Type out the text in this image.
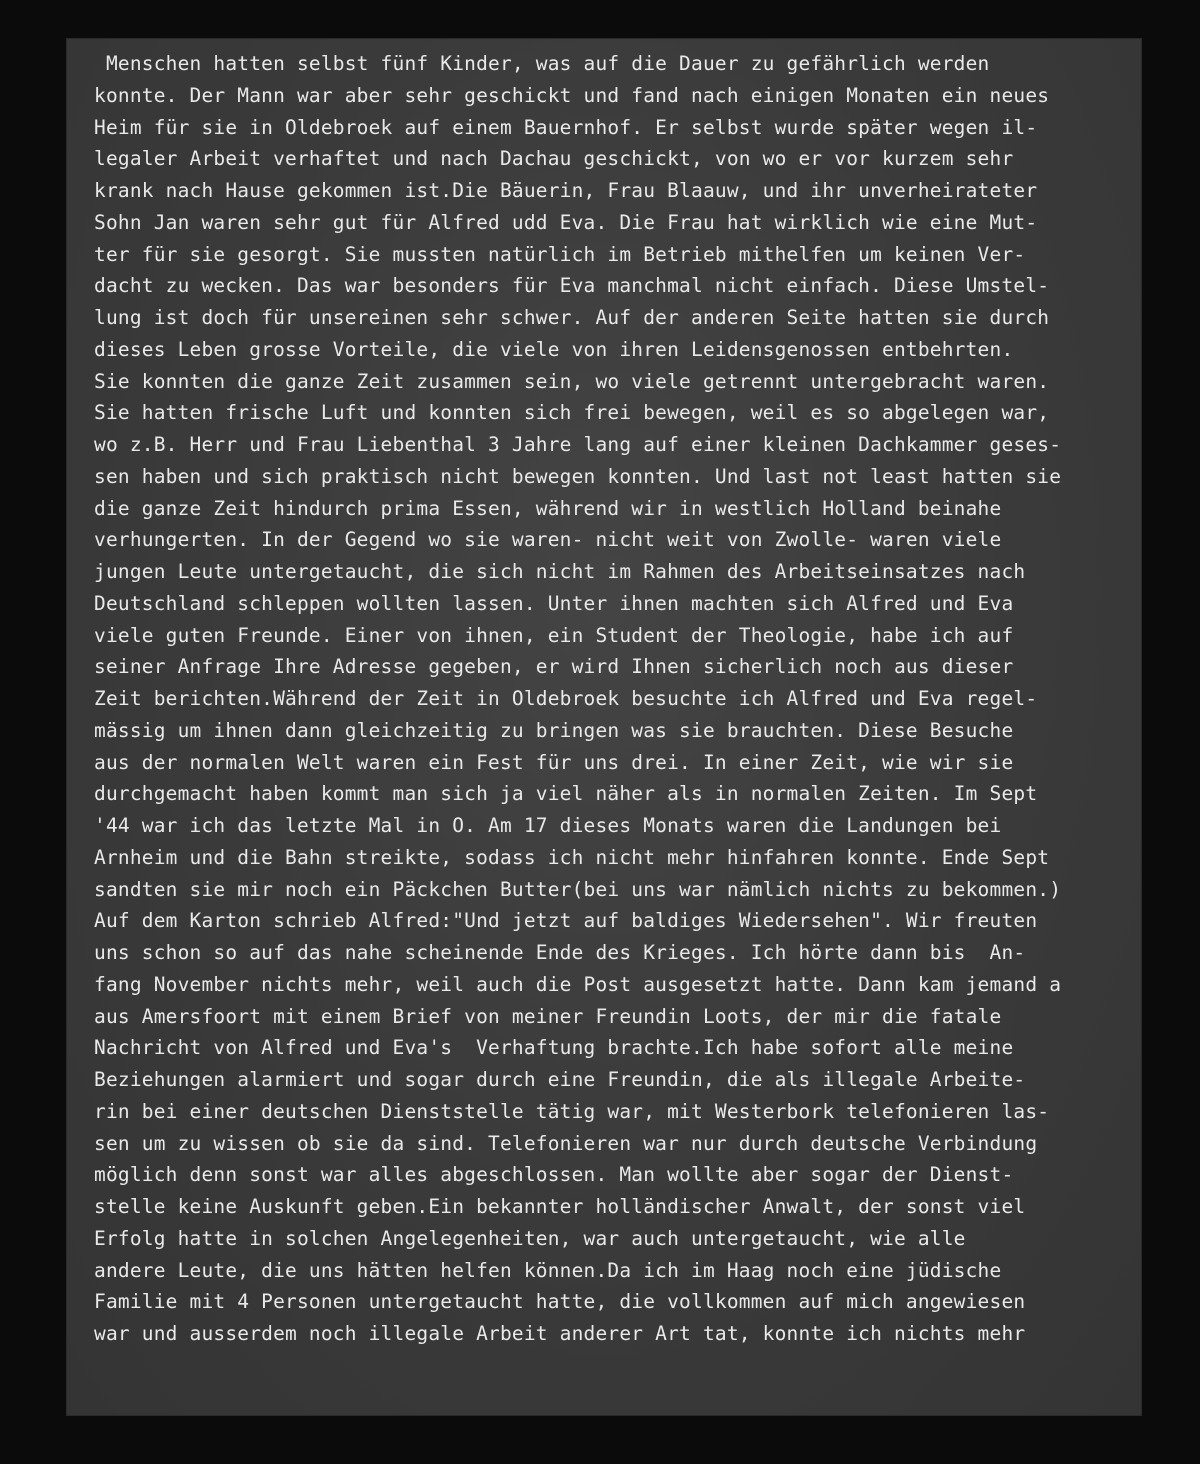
Menschen hatten selbst fünf Kinder, was auf die Dauer zu gefährlich werden
konnte. Der Mann war aber sehr geschickt und fand nach einigen Monaten ein neues
Heim für sie in Oldebroek auf einem Bauernhof. Er selbst wurde später wegen il-
legaler Arbeit verhaftet und nach Dachau geschickt, von wo er vor kurzem sehr
krank nach Hause gekommen ist.Die Bäuerin, Frau Blaauw, und ihr unverheirateter
Sohn Jan waren sehr gut für Alfred udd Eva. Die Frau hat wirklich wie eine Mut-
ter für sie gesorgt. Sie mussten natürlich im Betrieb mithelfen um keinen Ver-
dacht zu wecken. Das war besonders für Eva manchmal nicht einfach. Diese Umstel-
lung ist doch für unsereinen sehr schwer. Auf der anderen Seite hatten sie durch
dieses Leben grosse Vorteile, die viele von ihren Leidensgenossen entbehrten.
Sie konnten die ganze Zeit zusammen sein, wo viele getrennt untergebracht waren.
Sie hatten frische Luft und konnten sich frei bewegen, weil es so abgelegen war,
wo z.B. Herr und Frau Liebenthal 3 Jahre lang auf einer kleinen Dachkammer geses-
sen haben und sich praktisch nicht bewegen konnten. Und last not least hatten sie
die ganze Zeit hindurch prima Essen, während wir in westlich Holland beinahe
verhungerten. In der Gegend wo sie waren- nicht weit von Zwolle- waren viele
jungen Leute untergetaucht, die sich nicht im Rahmen des Arbeitseinsatzes nach
Deutschland schleppen wollten lassen. Unter ihnen machten sich Alfred und Eva
viele guten Freunde. Einer von ihnen, ein Student der Theologie, habe ich auf
seiner Anfrage Ihre Adresse gegeben, er wird Ihnen sicherlich noch aus dieser
Zeit berichten.Während der Zeit in Oldebroek besuchte ich Alfred und Eva regel-
mässig um ihnen dann gleichzeitig zu bringen was sie brauchten. Diese Besuche
aus der normalen Welt waren ein Fest für uns drei. In einer Zeit, wie wir sie
durchgemacht haben kommt man sich ja viel näher als in normalen Zeiten. Im Sept
'44 war ich das letzte Mal in O. Am 17 dieses Monats waren die Landungen bei
Arnheim und die Bahn streikte, sodass ich nicht mehr hinfahren konnte. Ende Sept
sandten sie mir noch ein Päckchen Butter(bei uns war nämlich nichts zu bekommen.)
Auf dem Karton schrieb Alfred:"Und jetzt auf baldiges Wiedersehen". Wir freuten
uns schon so auf das nahe scheinende Ende des Krieges. Ich hörte dann bis  An-
fang November nichts mehr, weil auch die Post ausgesetzt hatte. Dann kam jemand a
aus Amersfoort mit einem Brief von meiner Freundin Loots, der mir die fatale
Nachricht von Alfred und Eva's  Verhaftung brachte.Ich habe sofort alle meine
Beziehungen alarmiert und sogar durch eine Freundin, die als illegale Arbeite-
rin bei einer deutschen Dienststelle tätig war, mit Westerbork telefonieren las-
sen um zu wissen ob sie da sind. Telefonieren war nur durch deutsche Verbindung
möglich denn sonst war alles abgeschlossen. Man wollte aber sogar der Dienst-
stelle keine Auskunft geben.Ein bekannter holländischer Anwalt, der sonst viel
Erfolg hatte in solchen Angelegenheiten, war auch untergetaucht, wie alle
andere Leute, die uns hätten helfen können.Da ich im Haag noch eine jüdische
Familie mit 4 Personen untergetaucht hatte, die vollkommen auf mich angewiesen
war und ausserdem noch illegale Arbeit anderer Art tat, konnte ich nichts mehr
